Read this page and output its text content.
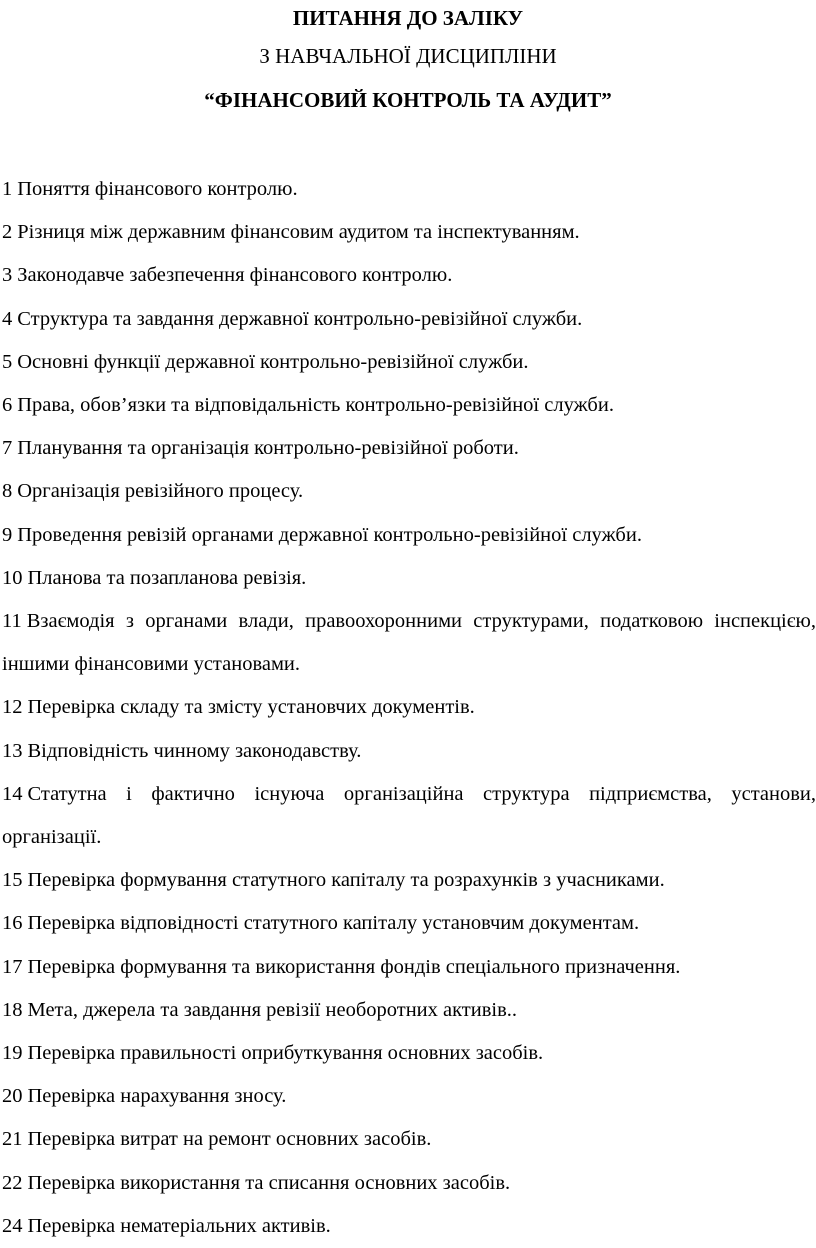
ПИТАННЯ ДО ЗАЛІКУ
З НАВЧАЛЬНОЇ ДИСЦИПЛІНИ
“ФІНАНСОВИЙ КОНТРОЛЬ ТА АУДИТ”
1 Поняття фінансового контролю.
2 Різниця між державним фінансовим аудитом та інспектуванням.
3 Законодавче забезпечення фінансового контролю.
4 Структура та завдання державної контрольно-ревізійної служби.
5 Основні функції державної контрольно-ревізійної служби.
6 Права, обов’язки та відповідальність контрольно-ревізійної служби.
7 Планування та організація контрольно-ревізійної роботи.
8 Організація ревізійного процесу.
9 Проведення ревізій органами державної контрольно-ревізійної служби.
10 Планова та позапланова ревізія.
11 Взаємодія з органами влади, правоохоронними структурами, податковою інспекцією, іншими фінансовими установами.
12 Перевірка складу та змісту установчих документів.
13 Відповідність чинному законодавству.
14 Статутна і фактично існуюча організаційна структура підприємства, установи, організації.
15 Перевірка формування статутного капіталу та розрахунків з учасниками.
16 Перевірка відповідності статутного капіталу установчим документам.
17 Перевірка формування та використання фондів спеціального призначення.
18 Мета, джерела та завдання ревізії необоротних активів..
19 Перевірка правильності оприбуткування основних засобів.
20 Перевірка нарахування зносу.
21 Перевірка витрат на ремонт основних засобів.
22 Перевірка використання та списання основних засобів.
24 Перевірка нематеріальних активів.
